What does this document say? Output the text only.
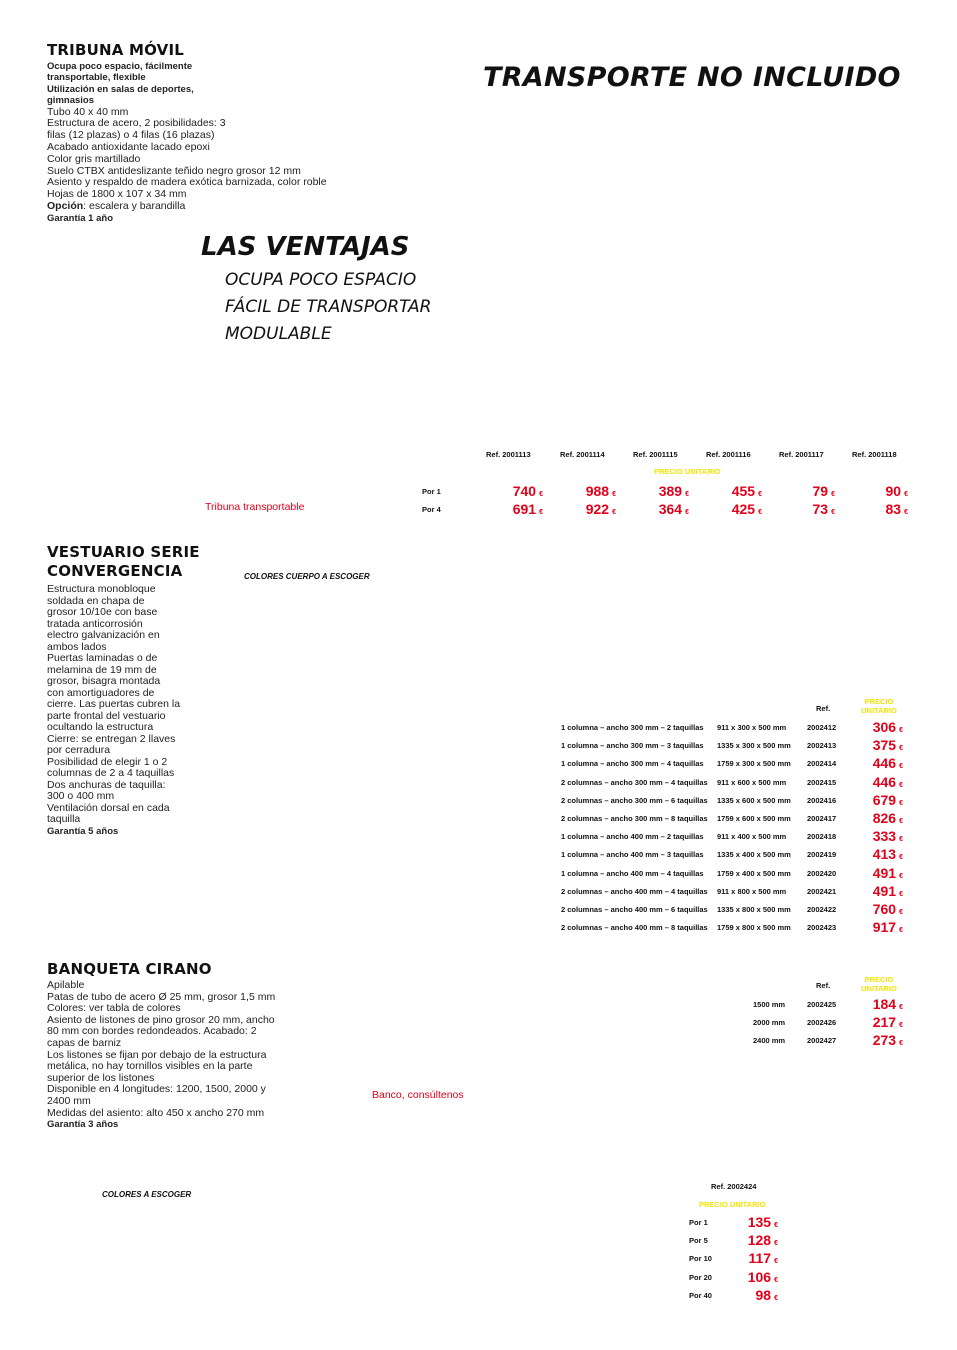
TRIBUNA MÓVIL
Ocupa poco espacio, fácilmente
transportable, flexible
Utilización en salas de deportes,
gimnasios
Tubo 40 x 40 mm
Estructura de acero, 2 posibilidades: 3
filas (12 plazas) o 4 filas (16 plazas)
Acabado antioxidante lacado epoxi
Color gris martillado
Suelo CTBX antideslizante teñido negro grosor 12 mm
Asiento y respaldo de madera exótica barnizada, color roble
Hojas de 1800 x 107 x 34 mm
Opción: escalera y barandilla
Garantía 1 año
TRANSPORTE NO INCLUIDO
LAS VENTAJAS
OCUPA POCO ESPACIO
FÁCIL DE TRANSPORTAR
MODULABLE
Tribuna transportable
Ref. 2001113	Ref. 2001114	Ref. 2001115	Ref. 2001116	Ref. 2001117	Ref. 2001118
PRECIO UNITARIO
Por 1
Por 4
740 €	988 €	389 €	455 €	79 €	90 €
691 €	922 €	364 €	425 €	73 €	83 €
VESTUARIO SERIE
CONVERGENCIA	COLORES CUERPO A ESCOGER
Estructura monobloque
soldada en chapa de
grosor 10/10e con base
tratada anticorrosión
electro galvanización en
ambos lados
Puertas laminadas o de
melamina de 19 mm de
grosor, bisagra montada
con amortiguadores de
cierre. Las puertas cubren la
parte frontal del vestuario
ocultando la estructura
Cierre: se entregan 2 llaves
por cerradura
Posibilidad de elegir 1 o 2
columnas de 2 a 4 taquillas
Dos anchuras de taquilla:
300 o 400 mm
Ventilación dorsal en cada
taquilla
Garantía 5 años
Ref.
PRECIO
UNITARIO
1 columna – ancho 300 mm – 2 taquillas 911 x 300 x 500 mm	2002412	306 €
1 columna – ancho 300 mm – 3 taquillas 1335 x 300 x 500 mm 2002413	375 €
1 columna – ancho 300 mm – 4 taquillas 1759 x 300 x 500 mm 2002414	446 €
2 columnas – ancho 300 mm – 4 taquillas 911 x 600 x 500 mm	2002415	446 €
2 columnas – ancho 300 mm – 6 taquillas 1335 x 600 x 500 mm 2002416	679 €
2 columnas – ancho 300 mm – 8 taquillas 1759 x 600 x 500 mm 2002417	826 €
1 columna – ancho 400 mm – 2 taquillas 911 x 400 x 500 mm	2002418	333 €
1 columna – ancho 400 mm – 3 taquillas 1335 x 400 x 500 mm 2002419	413 €
1 columna – ancho 400 mm – 4 taquillas 1759 x 400 x 500 mm 2002420	491 €
2 columnas – ancho 400 mm – 4 taquillas 911 x 800 x 500 mm	2002421	491 €
2 columnas – ancho 400 mm – 6 taquillas 1335 x 800 x 500 mm 2002422	760 €
2 columnas – ancho 400 mm – 8 taquillas 1759 x 800 x 500 mm 2002423	917 €
BANQUETA CIRANO
Apilable
Patas de tubo de acero Ø 25 mm, grosor 1,5 mm
Colores: ver tabla de colores
Asiento de listones de pino grosor 20 mm, ancho
80 mm con bordes redondeados. Acabado: 2
capas de barniz
Los listones se fijan por debajo de la estructura
metálica, no hay tornillos visibles en la parte
superior de los listones
Disponible en 4 longitudes: 1200, 1500, 2000 y
2400 mm
Medidas del asiento: alto 450 x ancho 270 mm
Garantía 3 años
Banco, consúltenos
COLORES A ESCOGER
Ref.
PRECIO
UNITARIO
1500 mm	2002425	184 €
2000 mm	2002426	217 €
2400 mm	2002427	273 €
Ref. 2002424
PRECIO UNITARIO
Por 1	135 €
Por 5	128 €
Por 10	117 €
Por 20	106 €
Por 40	98 €
